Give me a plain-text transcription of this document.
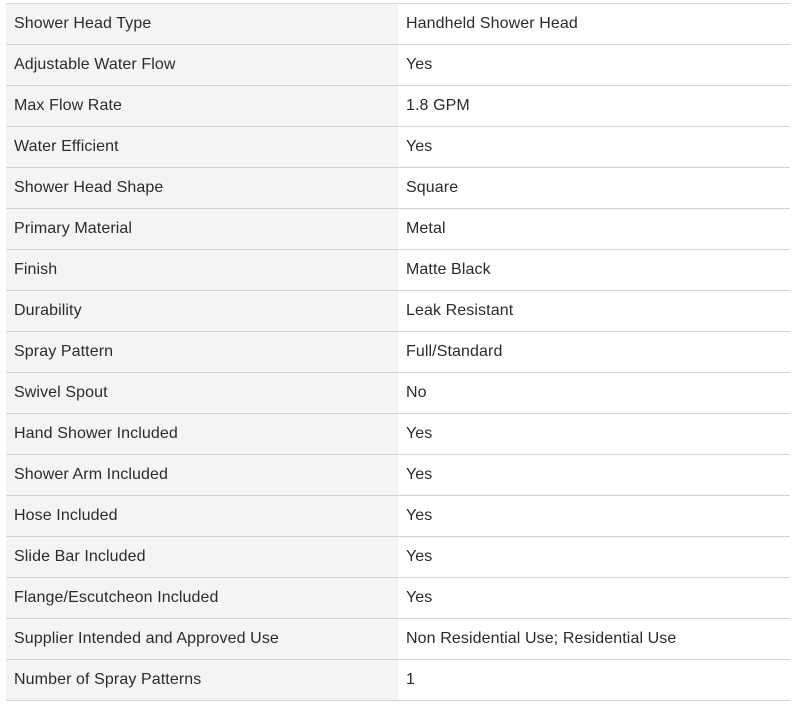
Shower Head Type	Handheld Shower Head
Adjustable Water Flow	Yes
Max Flow Rate	1.8 GPM
Water Efficient	Yes
Shower Head Shape	Square
Primary Material	Metal
Finish	Matte Black
Durability	Leak Resistant
Spray Pattern	Full/Standard
Swivel Spout	No
Hand Shower Included	Yes
Shower Arm Included	Yes
Hose Included	Yes
Slide Bar Included	Yes
Flange/Escutcheon Included	Yes
Supplier Intended and Approved Use	Non Residential Use; Residential Use
Number of Spray Patterns	1
